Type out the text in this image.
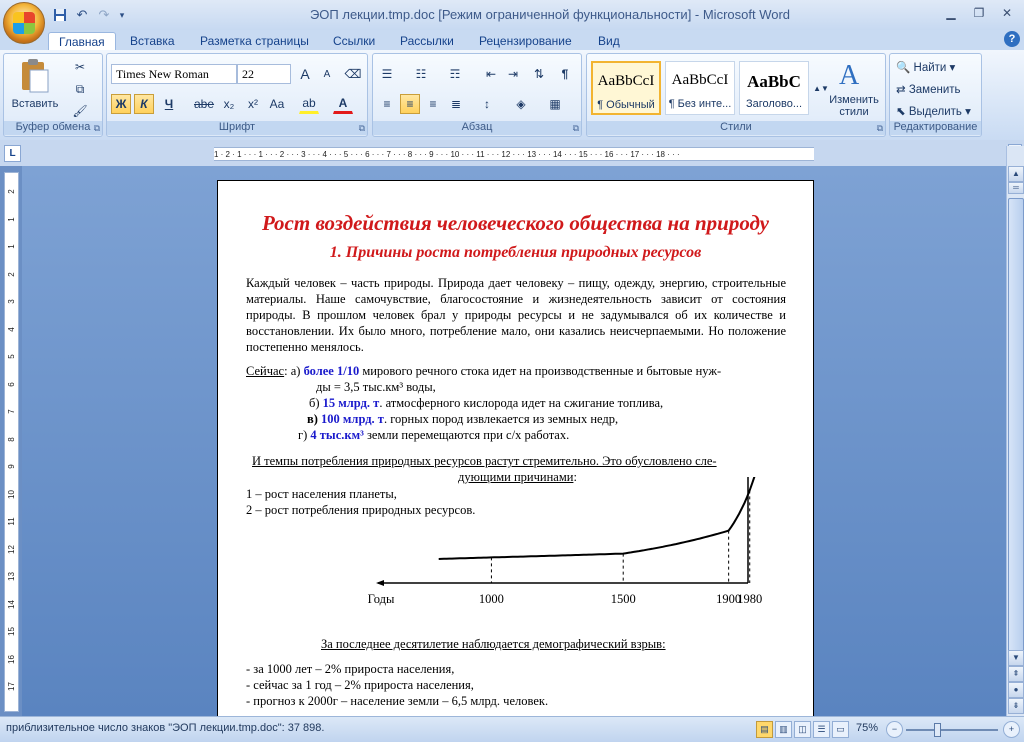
↶ ↷	▾	ЭОП лекции.tmp.doc [Режим ограниченной функциональности] - Microsoft Word	▁	❐	✕
Главная	Вставка Разметка страницы Ссылки Рассылки Рецензирование Вид	?
Вставить
✂
⧉
🖌
Буфер обмена ⧉
Times New Roman	22	A	A	⌫
Ж	К	Ч	abe x₂	x² Aa ab	A
Шрифт	⧉
☰	☷	☶	⇤ ⇥	⇅	¶
≡	≡	≡	≣	↕	◈	▦
Абзац	⧉
AaBbCcI
¶ Обычный
AaBbCcI
¶ Без инте...
AaBbC
Заголово...
▲▼ A
Изменить стили
Стили	⧉
🔍 Найти ▾
⇄ Заменить
⬉ Выделить ▾
Редактирование
L	1 · 2 · 1 · · · 1 · · · 2 · · · 3 · · · 4 · · · 5 · · · 6 · · · 7 · · · 8 · · · 9 · · · 10 · · · 11 · · · 12 · · · 13 · · · 14 · · · 15 · · · 16 · · · 17 · · · 18 · · ·
2
1
1
2
3
4
5
6
7
8
9
10
11
12
13
14
15
16
17
Рост воздействия человеческого общества на природу
1. Причины роста потребления природных ресурсов
Каждый человек – часть природы. Природа дает человеку – пищу, одежду, энергию, строительные материалы. Наше самочувствие, благосостояние и жизнедеятельность зависит от состояния природы. В прошлом человек брал у природы ресурсы и не задумывался об их количестве и восстановлении. Их было много, потребление мало, они казались неисчерпаемыми. Но положение постепенно менялось.
Сейчас: а) более 1/10 мирового речного стока идет на производственные и бытовые нуж-
ды = 3,5 тыс.км³ воды,
б) 15 млрд. т. атмосферного кислорода идет на сжигание топлива,
в) 100 млрд. т. горных пород извлекается из земных недр,
г) 4 тыс.км³ земли перемещаются при с/х работах.
И темпы потребления природных ресурсов растут стремительно. Это обусловлено сле-
дующими причинами:
1 – рост населения планеты,
2 – рост потребления природных ресурсов.
1000	1500	1900
1980
Годы
За последнее десятилетие наблюдается демографический взрыв:
- за 1000 лет – 2% прироста населения,
- сейчас за 1 год – 2% прироста населения,
- прогноз к 2000г – население земли – 6,5 млрд. человек.
▲
═
▼
⇞
●
⇟
приблизительное число знаков "ЭОП лекции.tmp.doc": 37 898.	▤	▥	◫	☰	▭	75%	−	+
